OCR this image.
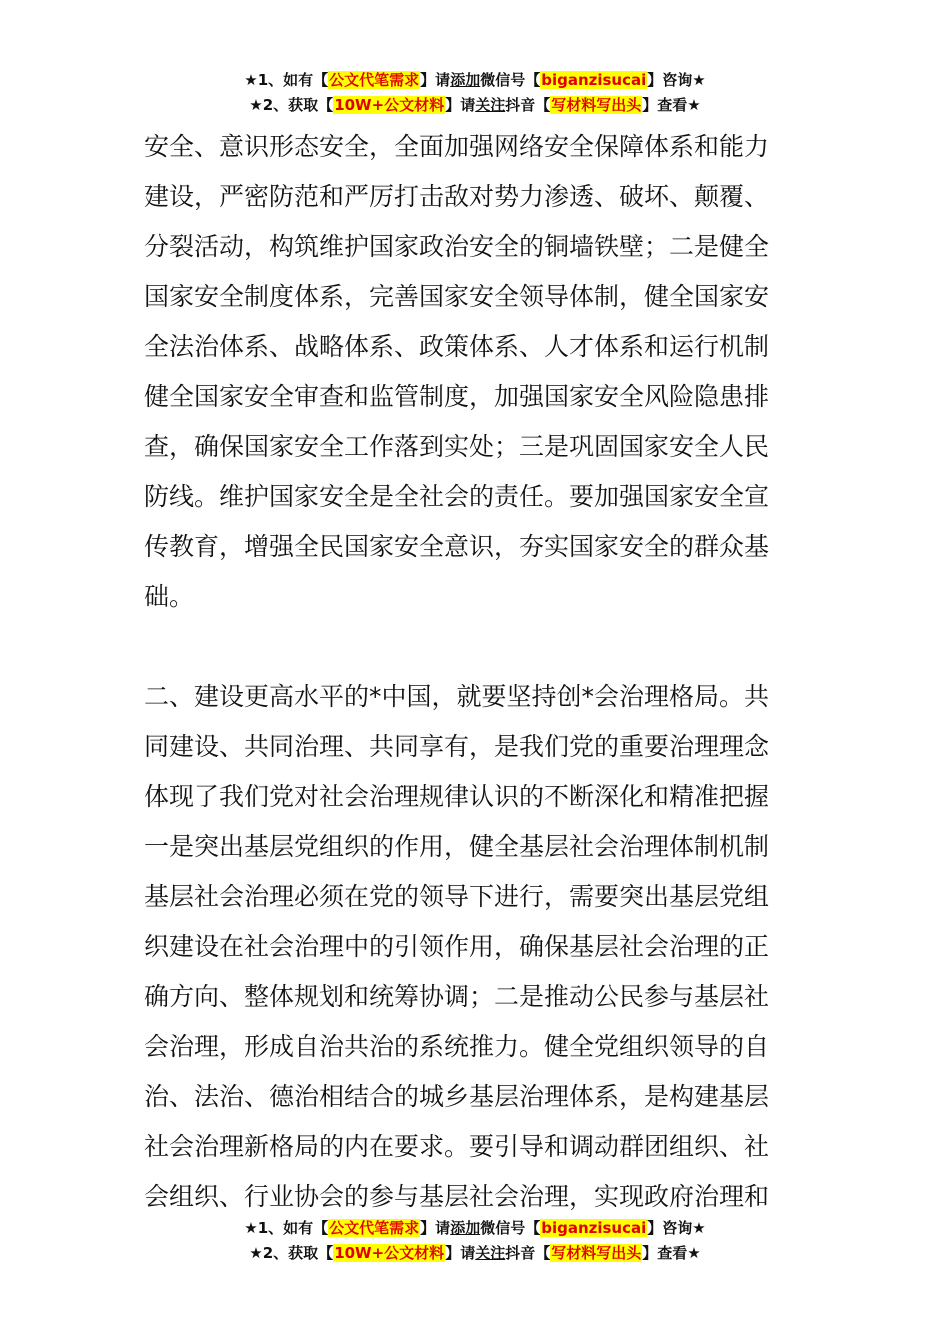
★1、如有【公文代笔需求】请添加微信号【biganzisucai】咨询★
★2、获取【10W+公文材料】请关注抖音【写材料写出头】查看★
安全、意识形态安全，全面加强网络安全保障体系和能力
建设，严密防范和严厉打击敌对势力渗透、破坏、颠覆、
分裂活动，构筑维护国家政治安全的铜墙铁壁；二是健全
国家安全制度体系，完善国家安全领导体制，健全国家安
全法治体系、战略体系、政策体系、人才体系和运行机制
健全国家安全审查和监管制度，加强国家安全风险隐患排
查，确保国家安全工作落到实处；三是巩固国家安全人民
防线。维护国家安全是全社会的责任。要加强国家安全宣
传教育，增强全民国家安全意识，夯实国家安全的群众基
础。
二、建设更高水平的*中国，就要坚持创*会治理格局。共
同建设、共同治理、共同享有，是我们党的重要治理理念
体现了我们党对社会治理规律认识的不断深化和精准把握
一是突出基层党组织的作用，健全基层社会治理体制机制
基层社会治理必须在党的领导下进行，需要突出基层党组
织建设在社会治理中的引领作用，确保基层社会治理的正
确方向、整体规划和统筹协调；二是推动公民参与基层社
会治理，形成自治共治的系统推力。健全党组织领导的自
治、法治、德治相结合的城乡基层治理体系，是构建基层
社会治理新格局的内在要求。要引导和调动群团组织、社
会组织、行业协会的参与基层社会治理，实现政府治理和
★1、如有【公文代笔需求】请添加微信号【biganzisucai】咨询★
★2、获取【10W+公文材料】请关注抖音【写材料写出头】查看★
